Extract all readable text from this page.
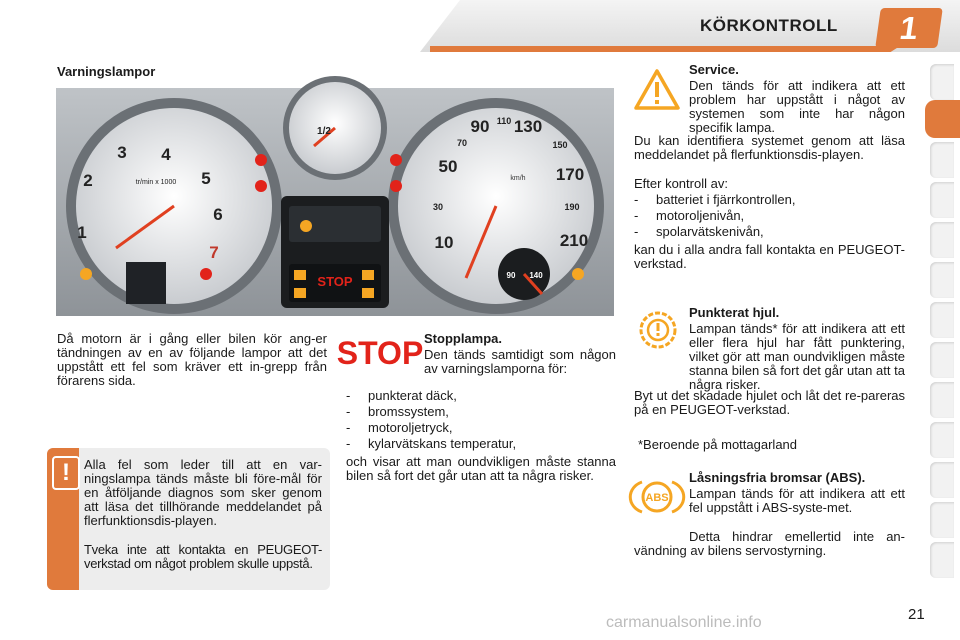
KÖRKONTROLL	1
Varningslampor
1
2
3 4
5
6
7
tr/min x 1000
1/2
90 140
STOP
10
30
50
70
90 110 130
150
170
190
210
km/h
Då motorn är i gång eller bilen kör ang-er tändningen av en av följande lampor att det uppstått ett fel som kräver ett in-grepp från förarens sida.
STOP Stopplampa.
Den tänds samtidigt som någon av varningslamporna för:
- punkterat däck,
- bromssystem,
- motoroljetryck,
- kylarvätskans temperatur,
och visar att man oundvikligen måste stanna bilen så fort det går utan att ta några risker.
!	Alla fel som leder till att en var-ningslampa tänds måste bli före-mål för en åtföljande diagnos som sker genom att läsa det tillhörande meddelandet på flerfunktionsdis-playen.
Tveka inte att kontakta en PEUGEOT-verkstad om något problem skulle uppstå.
Service.
Den tänds för att indikera att ett problem har uppstått i något av systemen som inte har någon specifik lampa.
Du kan identifiera systemet genom att läsa meddelandet på flerfunktionsdis-playen.
Efter kontroll av:
- batteriet i fjärrkontrollen,
- motoroljenivån,
- spolarvätskenivån,
kan du i alla andra fall kontakta en PEUGEOT-verkstad.
Punkterat hjul.
Lampan tänds* för att indikera att ett eller flera hjul har fått punktering, vilket gör att man oundvikligen måste stanna bilen så fort det går utan att ta några risker.
Byt ut det skadade hjulet och låt det re-pareras på en PEUGEOT-verkstad.
*Beroende på mottagarland
ABS
Låsningsfria bromsar (ABS).
Lampan tänds för att indikera att ett fel uppstått i ABS-syste-met.
Detta hindrar emellertid inte an-vändning av bilens servostyrning.
21
carmanualsonline.info
